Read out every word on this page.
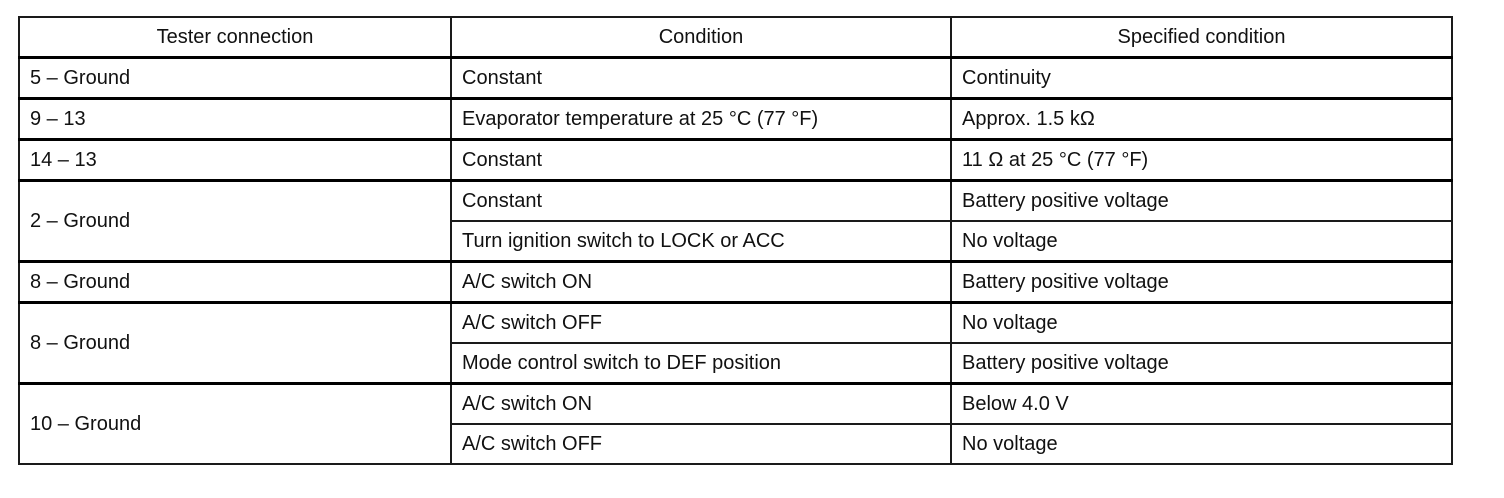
Tester connection	Condition	Specified condition
5 – Ground	Constant	Continuity
9 – 13	Evaporator temperature at 25 °C (77 °F)	Approx. 1.5 kΩ
14 – 13	Constant	11 Ω at 25 °C (77 °F)
2 – Ground	Constant	Battery positive voltage
	Turn ignition switch to LOCK or ACC	No voltage
8 – Ground	A/C switch ON	Battery positive voltage
8 – Ground	A/C switch OFF	No voltage
	Mode control switch to DEF position	Battery positive voltage
10 – Ground	A/C switch ON	Below 4.0 V
	A/C switch OFF	No voltage
